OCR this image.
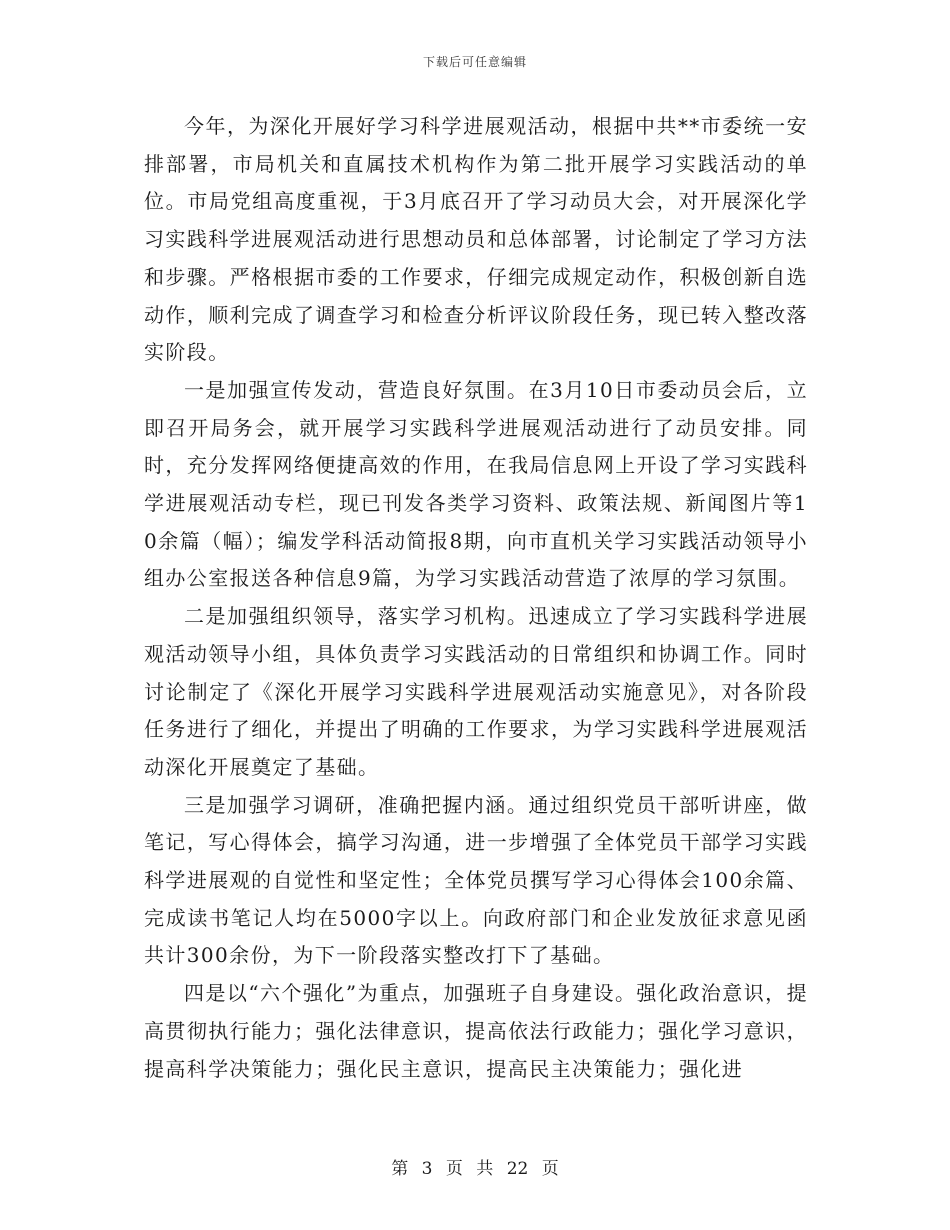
下载后可任意编辑

今年，为深化开展好学习科学进展观活动，根据中共**市委统一安排部署，市局机关和直属技术机构作为第二批开展学习实践活动的单位。市局党组高度重视，于3月底召开了学习动员大会，对开展深化学习实践科学进展观活动进行思想动员和总体部署，讨论制定了学习方法和步骤。严格根据市委的工作要求，仔细完成规定动作，积极创新自选动作，顺利完成了调查学习和检查分析评议阶段任务，现已转入整改落实阶段。

一是加强宣传发动，营造良好氛围。在3月10日市委动员会后，立即召开局务会，就开展学习实践科学进展观活动进行了动员安排。同时，充分发挥网络便捷高效的作用，在我局信息网上开设了学习实践科学进展观活动专栏，现已刊发各类学习资料、政策法规、新闻图片等10余篇（幅）；编发学科活动简报8期，向市直机关学习实践活动领导小组办公室报送各种信息9篇，为学习实践活动营造了浓厚的学习氛围。

二是加强组织领导，落实学习机构。迅速成立了学习实践科学进展观活动领导小组，具体负责学习实践活动的日常组织和协调工作。同时讨论制定了《深化开展学习实践科学进展观活动实施意见》，对各阶段任务进行了细化，并提出了明确的工作要求，为学习实践科学进展观活动深化开展奠定了基础。

三是加强学习调研，准确把握内涵。通过组织党员干部听讲座，做笔记，写心得体会，搞学习沟通，进一步增强了全体党员干部学习实践科学进展观的自觉性和坚定性；全体党员撰写学习心得体会100余篇、完成读书笔记人均在5000字以上。向政府部门和企业发放征求意见函共计300余份，为下一阶段落实整改打下了基础。

四是以“六个强化”为重点，加强班子自身建设。强化政治意识，提高贯彻执行能力；强化法律意识，提高依法行政能力；强化学习意识，提高科学决策能力；强化民主意识，提高民主决策能力；强化进

第 3 页 共 22 页
